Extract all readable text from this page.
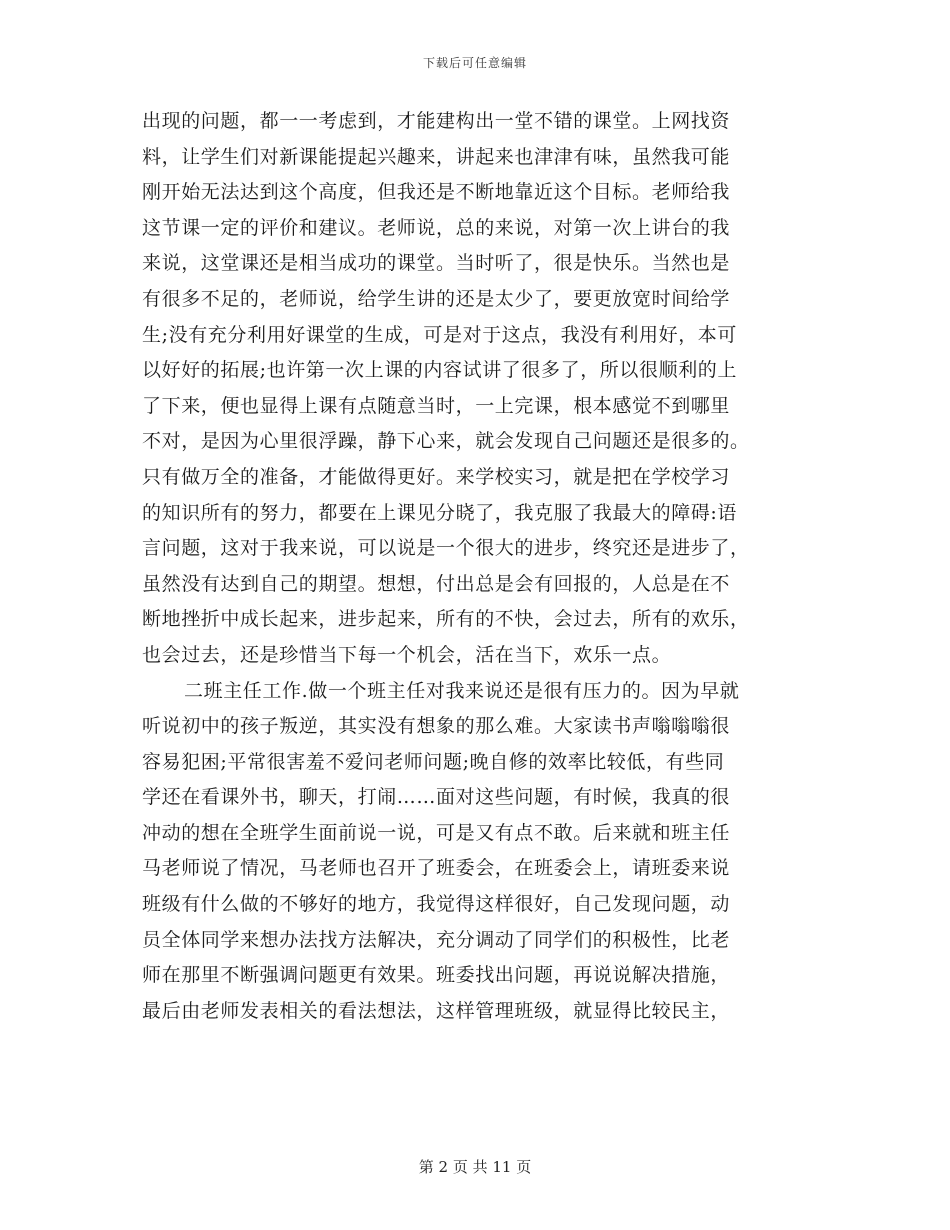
下载后可任意编辑
出现的问题，都一一考虑到，才能建构出一堂不错的课堂。上网找资
料，让学生们对新课能提起兴趣来，讲起来也津津有味，虽然我可能
刚开始无法达到这个高度，但我还是不断地靠近这个目标。老师给我
这节课一定的评价和建议。老师说，总的来说，对第一次上讲台的我
来说，这堂课还是相当成功的课堂。当时听了，很是快乐。当然也是
有很多不足的，老师说，给学生讲的还是太少了，要更放宽时间给学
生;没有充分利用好课堂的生成，可是对于这点，我没有利用好，本可
以好好的拓展;也许第一次上课的内容试讲了很多了，所以很顺利的上
了下来，便也显得上课有点随意当时，一上完课，根本感觉不到哪里
不对，是因为心里很浮躁，静下心来，就会发现自己问题还是很多的。
只有做万全的准备，才能做得更好。来学校实习，就是把在学校学习
的知识所有的努力，都要在上课见分晓了，我克服了我最大的障碍:语
言问题，这对于我来说，可以说是一个很大的进步，终究还是进步了，
虽然没有达到自己的期望。想想，付出总是会有回报的，人总是在不
断地挫折中成长起来，进步起来，所有的不快，会过去，所有的欢乐，
也会过去，还是珍惜当下每一个机会，活在当下，欢乐一点。
二班主任工作.做一个班主任对我来说还是很有压力的。因为早就
听说初中的孩子叛逆，其实没有想象的那么难。大家读书声嗡嗡嗡很
容易犯困;平常很害羞不爱问老师问题;晚自修的效率比较低，有些同
学还在看课外书，聊天，打闹……面对这些问题，有时候，我真的很
冲动的想在全班学生面前说一说，可是又有点不敢。后来就和班主任
马老师说了情况，马老师也召开了班委会，在班委会上，请班委来说
班级有什么做的不够好的地方，我觉得这样很好，自己发现问题，动
员全体同学来想办法找方法解决，充分调动了同学们的积极性，比老
师在那里不断强调问题更有效果。班委找出问题，再说说解决措施，
最后由老师发表相关的看法想法，这样管理班级，就显得比较民主，
第 2 页 共 11 页
